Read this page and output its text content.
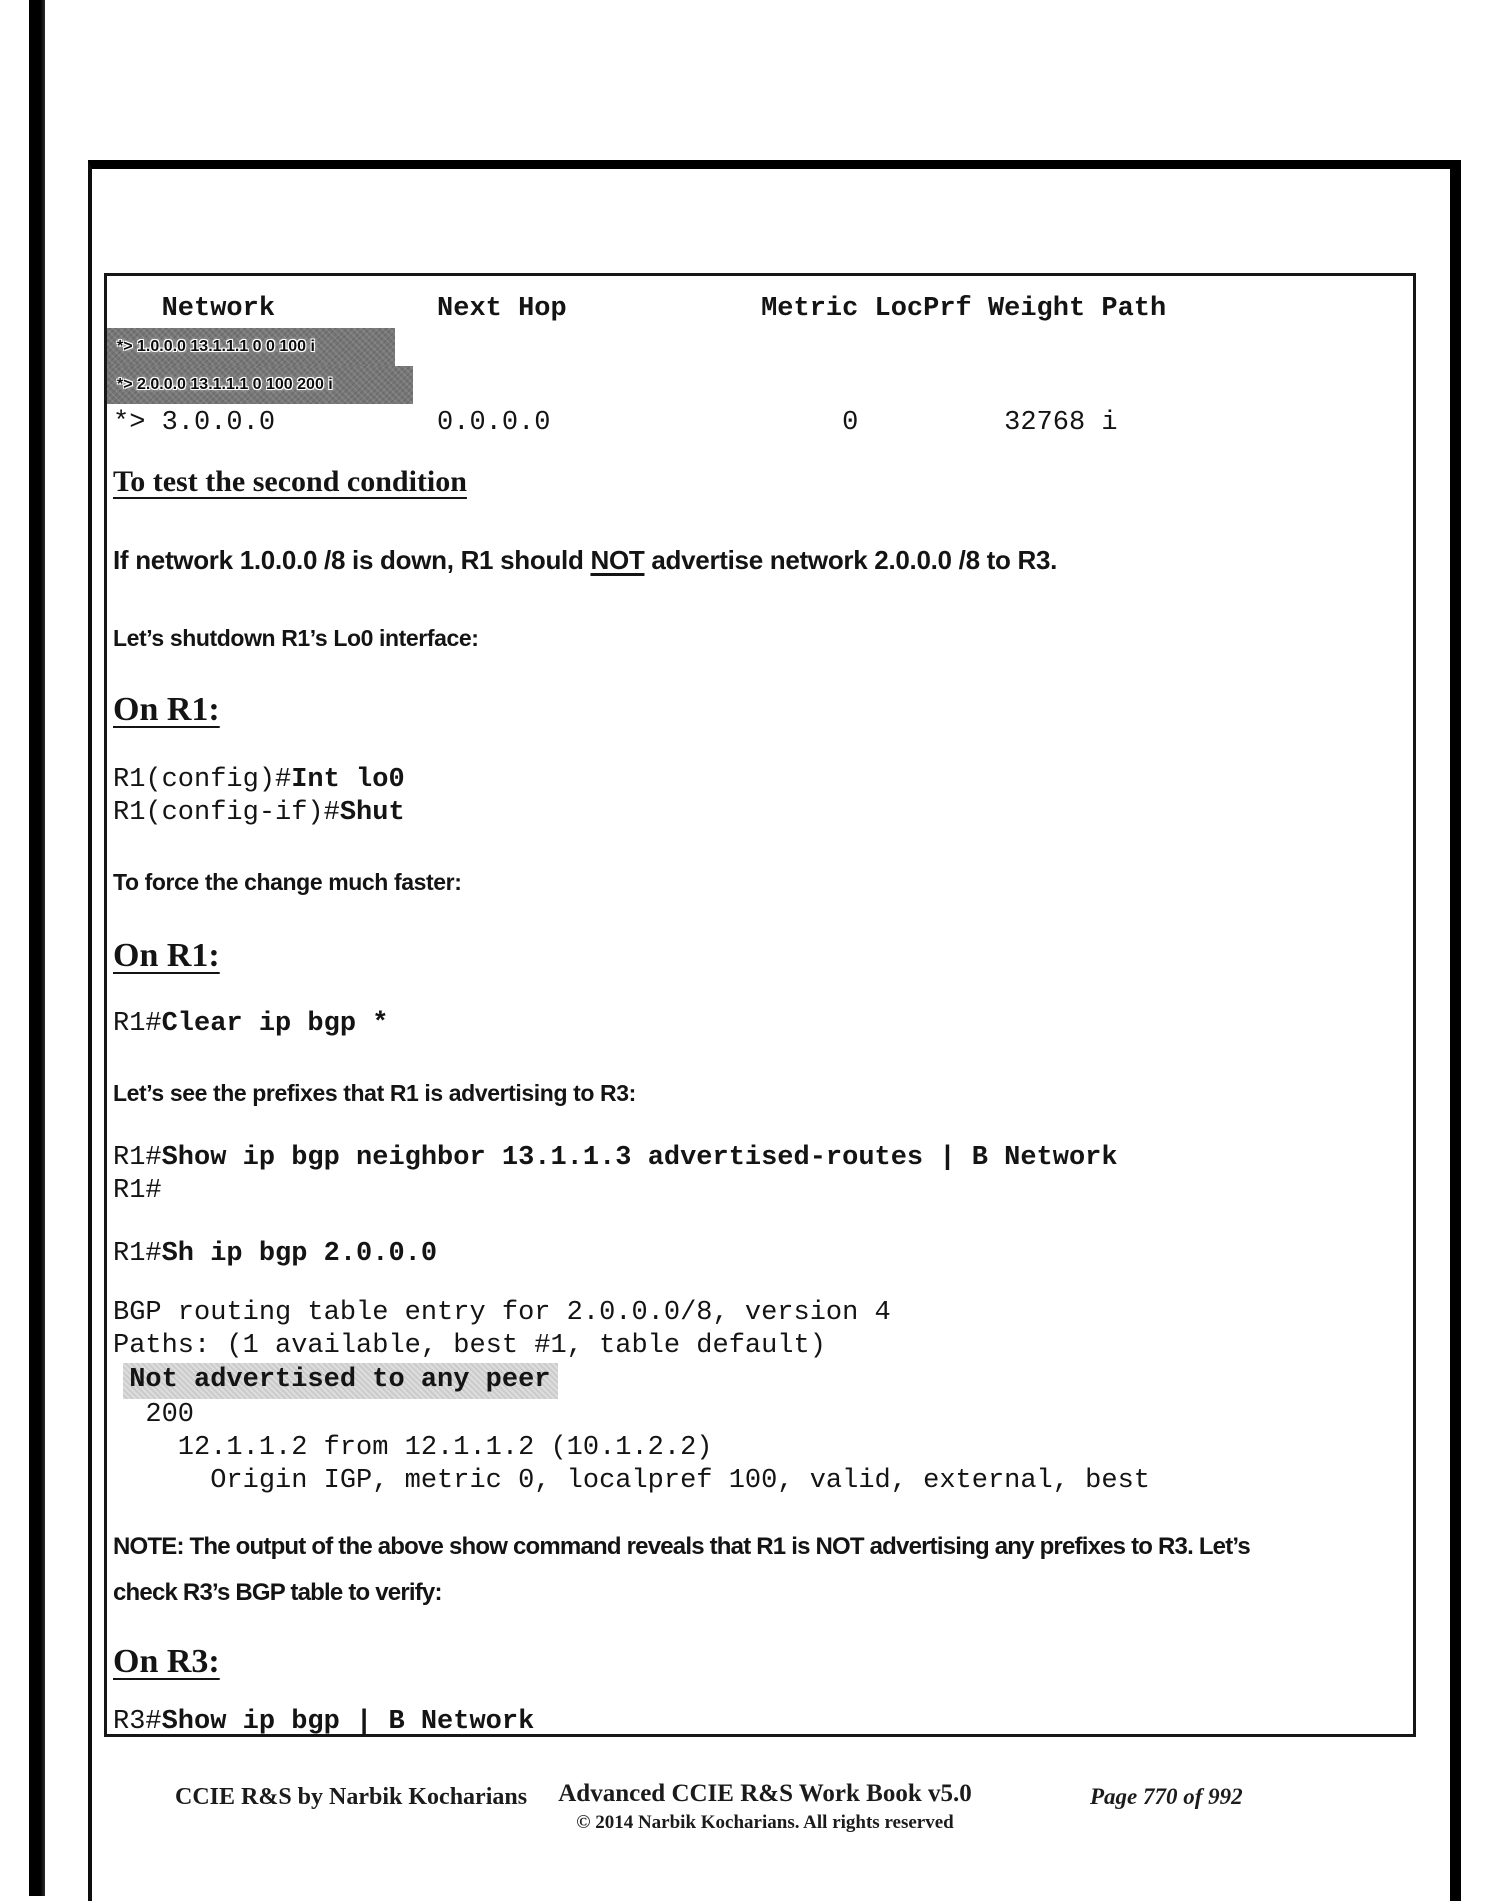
Network          Next Hop            Metric LocPrf Weight Path
*> 1.0.0.0 13.1.1.1 0 0 100 i
*> 2.0.0.0 13.1.1.1 0 100 200 i
*> 3.0.0.0          0.0.0.0                  0         32768 i
To test the second condition
If network 1.0.0.0 /8 is down, R1 should NOT advertise network 2.0.0.0 /8 to R3.
Let’s shutdown R1’s Lo0 interface:
On R1:
R1(config)#Int lo0
R1(config-if)#Shut
To force the change much faster:
On R1:
R1#Clear ip bgp *
Let’s see the prefixes that R1 is advertising to R3:
R1#Show ip bgp neighbor 13.1.1.3 advertised-routes | B Network
R1#
R1#Sh ip bgp 2.0.0.0
BGP routing table entry for 2.0.0.0/8, version 4
Paths: (1 available, best #1, table default)
Not advertised to any peer
200
12.1.1.2 from 12.1.1.2 (10.1.2.2)
Origin IGP, metric 0, localpref 100, valid, external, best
NOTE: The output of the above show command reveals that R1 is NOT advertising any prefixes to R3. Let’s
check R3’s BGP table to verify:
On R3:
R3#Show ip bgp | B Network
CCIE R&S by Narbik Kocharians Advanced CCIE R&S Work Book v5.0
© 2014 Narbik Kocharians. All rights reserved
Page 770 of 992
